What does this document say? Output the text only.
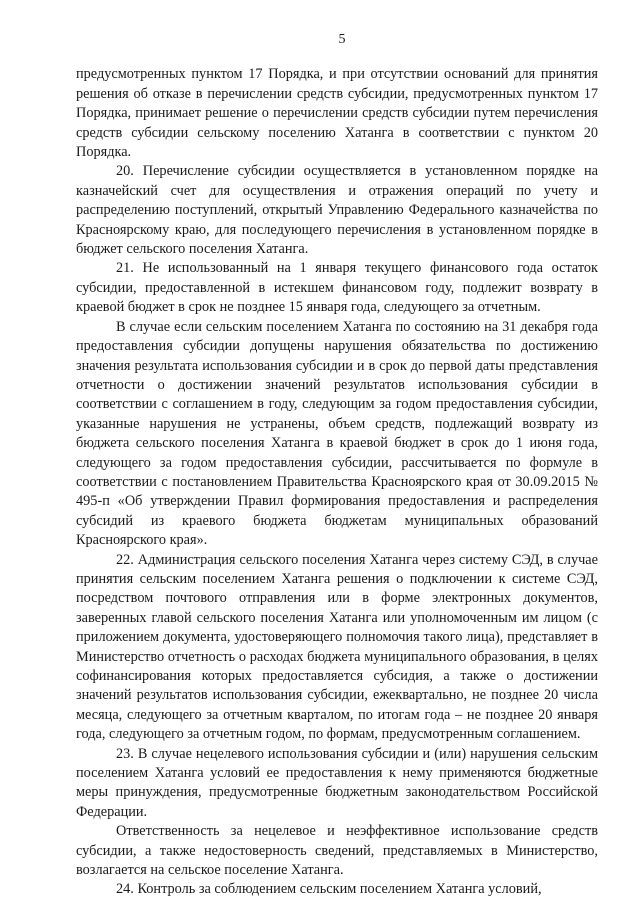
5

предусмотренных пунктом 17 Порядка, и при отсутствии оснований для принятия решения об отказе в перечислении средств субсидии, предусмотренных пунктом 17 Порядка, принимает решение о перечислении средств субсидии путем перечисления средств субсидии сельскому поселению Хатанга в соответствии с пунктом 20 Порядка.

20. Перечисление субсидии осуществляется в установленном порядке на казначейский счет для осуществления и отражения операций по учету и распределению поступлений, открытый Управлению Федерального казначейства по Красноярскому краю, для последующего перечисления в установленном порядке в бюджет сельского поселения Хатанга.

21. Не использованный на 1 января текущего финансового года остаток субсидии, предоставленной в истекшем финансовом году, подлежит возврату в краевой бюджет в срок не позднее 15 января года, следующего за отчетным.

В случае если сельским поселением Хатанга по состоянию на 31 декабря года предоставления субсидии допущены нарушения обязательства по достижению значения результата использования субсидии и в срок до первой даты представления отчетности о достижении значений результатов использования субсидии в соответствии с соглашением в году, следующим за годом предоставления субсидии, указанные нарушения не устранены, объем средств, подлежащий возврату из бюджета сельского поселения Хатанга в краевой бюджет в срок до 1 июня года, следующего за годом предоставления субсидии, рассчитывается по формуле в соответствии с постановлением Правительства Красноярского края от 30.09.2015 № 495-п «Об утверждении Правил формирования предоставления и распределения субсидий из краевого бюджета бюджетам муниципальных образований Красноярского края».

22. Администрация сельского поселения Хатанга через систему СЭД, в случае принятия сельским поселением Хатанга решения о подключении к системе СЭД, посредством почтового отправления или в форме электронных документов, заверенных главой сельского поселения Хатанга или уполномоченным им лицом (с приложением документа, удостоверяющего полномочия такого лица), представляет в Министерство отчетность о расходах бюджета муниципального образования, в целях софинансирования которых предоставляется субсидия, а также о достижении значений результатов использования субсидии, ежеквартально, не позднее 20 числа месяца, следующего за отчетным кварталом, по итогам года – не позднее 20 января года, следующего за отчетным годом, по формам, предусмотренным соглашением.

23. В случае нецелевого использования субсидии и (или) нарушения сельским поселением Хатанга условий ее предоставления к нему применяются бюджетные меры принуждения, предусмотренные бюджетным законодательством Российской Федерации.

Ответственность за нецелевое и неэффективное использование средств субсидии, а также недостоверность сведений, представляемых в Министерство, возлагается на сельское поселение Хатанга.

24. Контроль за соблюдением сельским поселением Хатанга условий,
